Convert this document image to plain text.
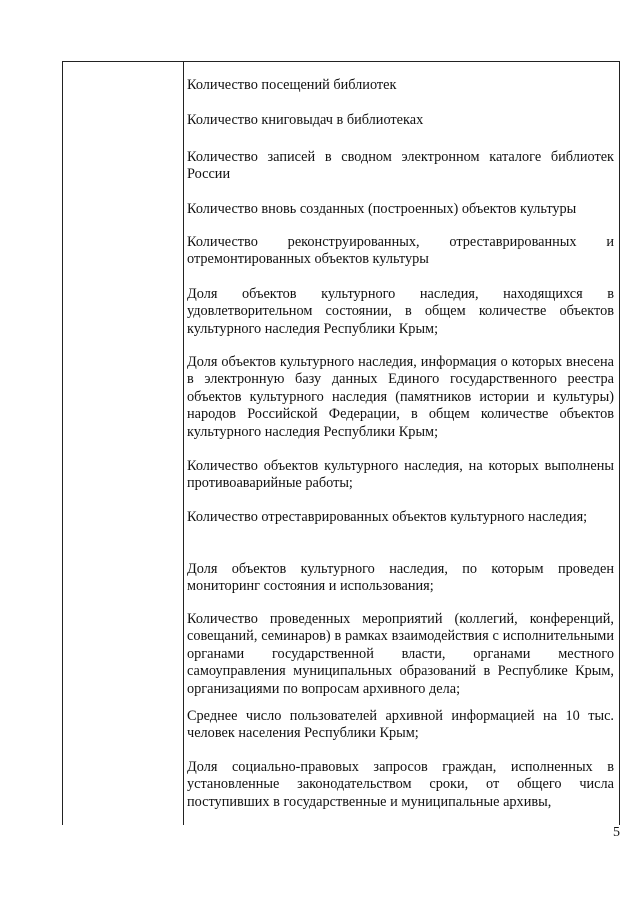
Количество посещений библиотек

Количество книговыдач в библиотеках

Количество записей в сводном электронном каталоге библиотек России

Количество вновь созданных (построенных) объектов культуры

Количество реконструированных, отреставрированных и отремонтированных объектов культуры

Доля объектов культурного наследия, находящихся в удовлетворительном состоянии, в общем количестве объектов культурного наследия Республики Крым;

Доля объектов культурного наследия, информация о которых внесена в электронную базу данных Единого государственного реестра объектов культурного наследия (памятников истории и культуры) народов Российской Федерации, в общем количестве объектов культурного наследия Республики Крым;

Количество объектов культурного наследия, на которых выполнены противоаварийные работы;

Количество отреставрированных объектов культурного наследия;

Доля объектов культурного наследия, по которым проведен мониторинг состояния и использования;

Количество проведенных мероприятий (коллегий, конференций, совещаний, семинаров) в рамках взаимодействия с исполнительными органами государственной власти, органами местного самоуправления муниципальных образований в Республике Крым, организациями по вопросам архивного дела;

Среднее число пользователей архивной информацией на 10 тыс. человек населения Республики Крым;

Доля социально-правовых запросов граждан, исполненных в установленные законодательством сроки, от общего числа поступивших в государственные и муниципальные архивы,

5
